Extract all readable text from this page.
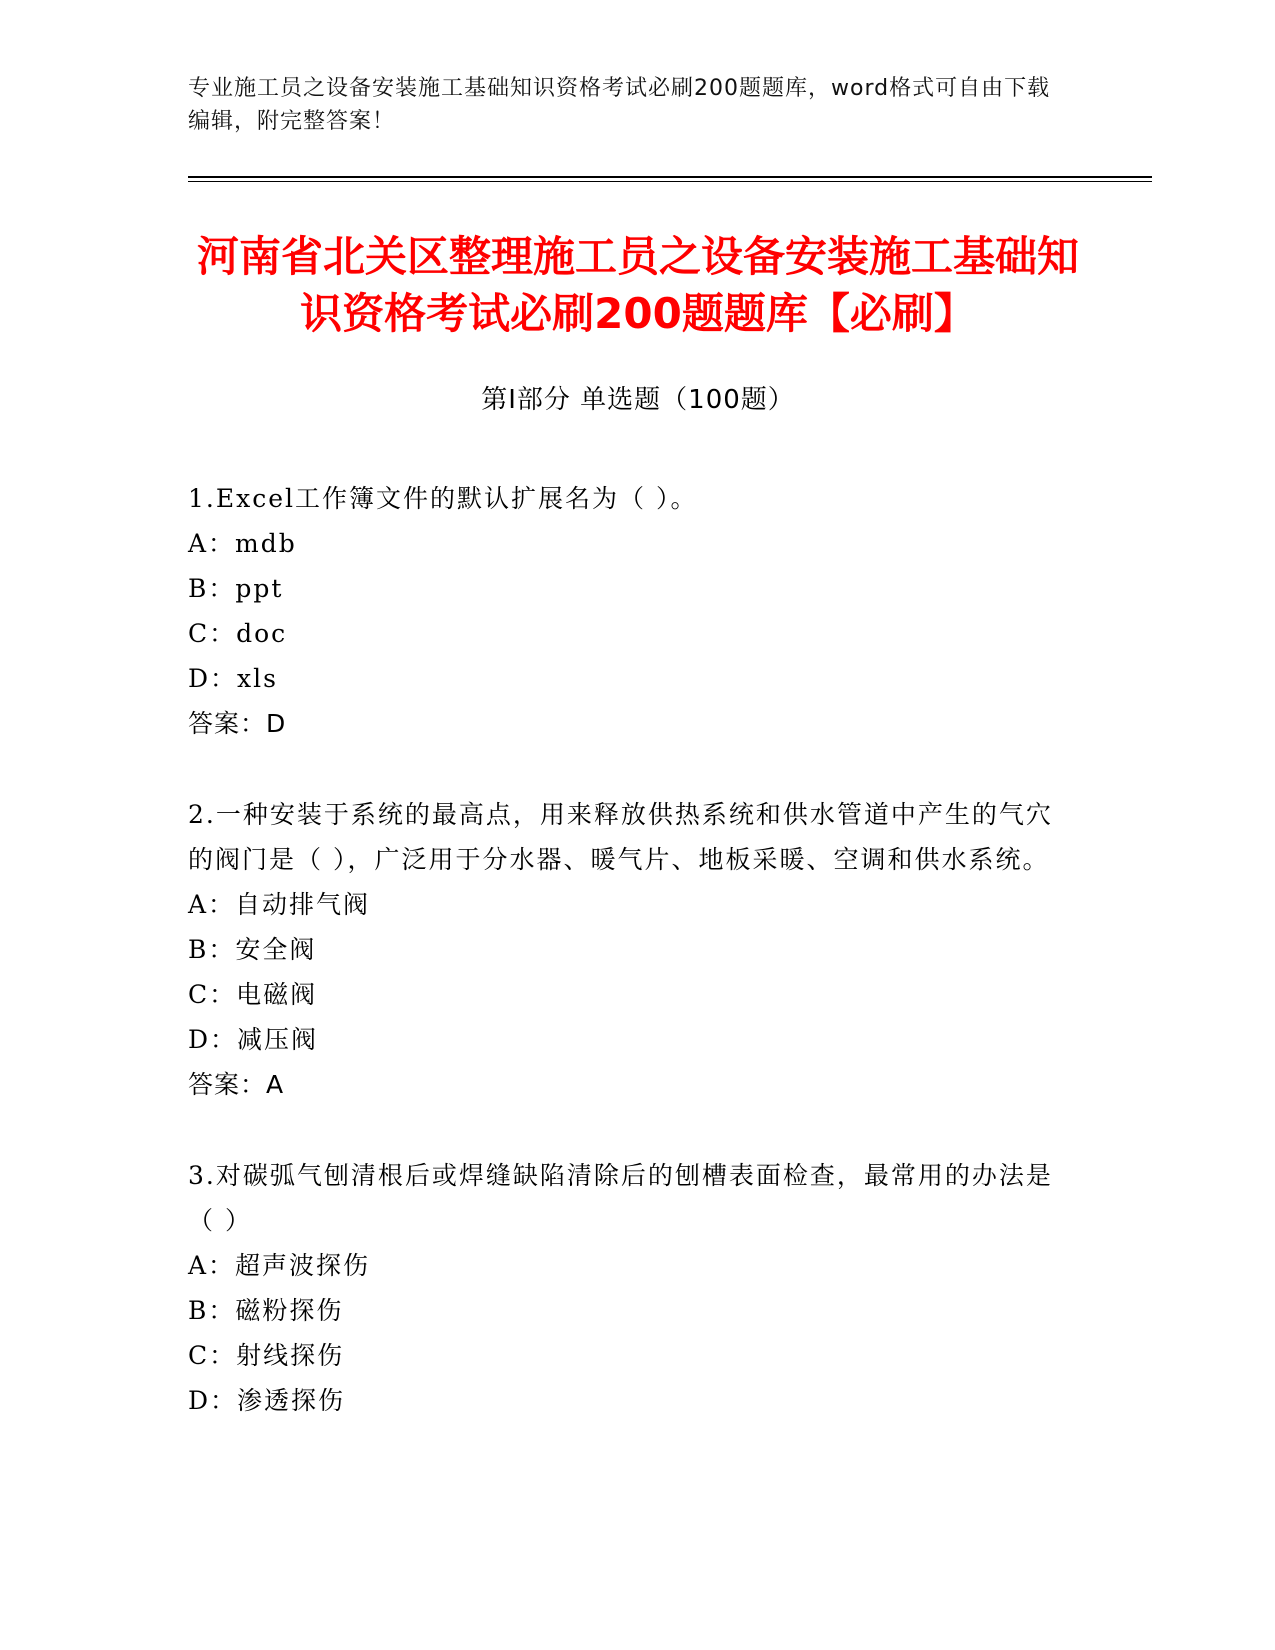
专业施工员之设备安装施工基础知识资格考试必刷200题题库，word格式可自由下载编辑，附完整答案！
河南省北关区整理施工员之设备安装施工基础知识资格考试必刷200题题库【必刷】
第Ⅰ部分 单选题（100题）

1.Excel工作簿文件的默认扩展名为（ ）。

A：mdb

B：ppt

C：doc

D：xls

答案：D

2.一种安装于系统的最高点，用来释放供热系统和供水管道中产生的气穴的阀门是（ ），广泛用于分水器、暖气片、地板采暖、空调和供水系统。

A：自动排气阀

B：安全阀

C：电磁阀

D：减压阀

答案：A

3.对碳弧气刨清根后或焊缝缺陷清除后的刨槽表面检查，最常用的办法是（ ）

A：超声波探伤

B：磁粉探伤

C：射线探伤

D：渗透探伤
